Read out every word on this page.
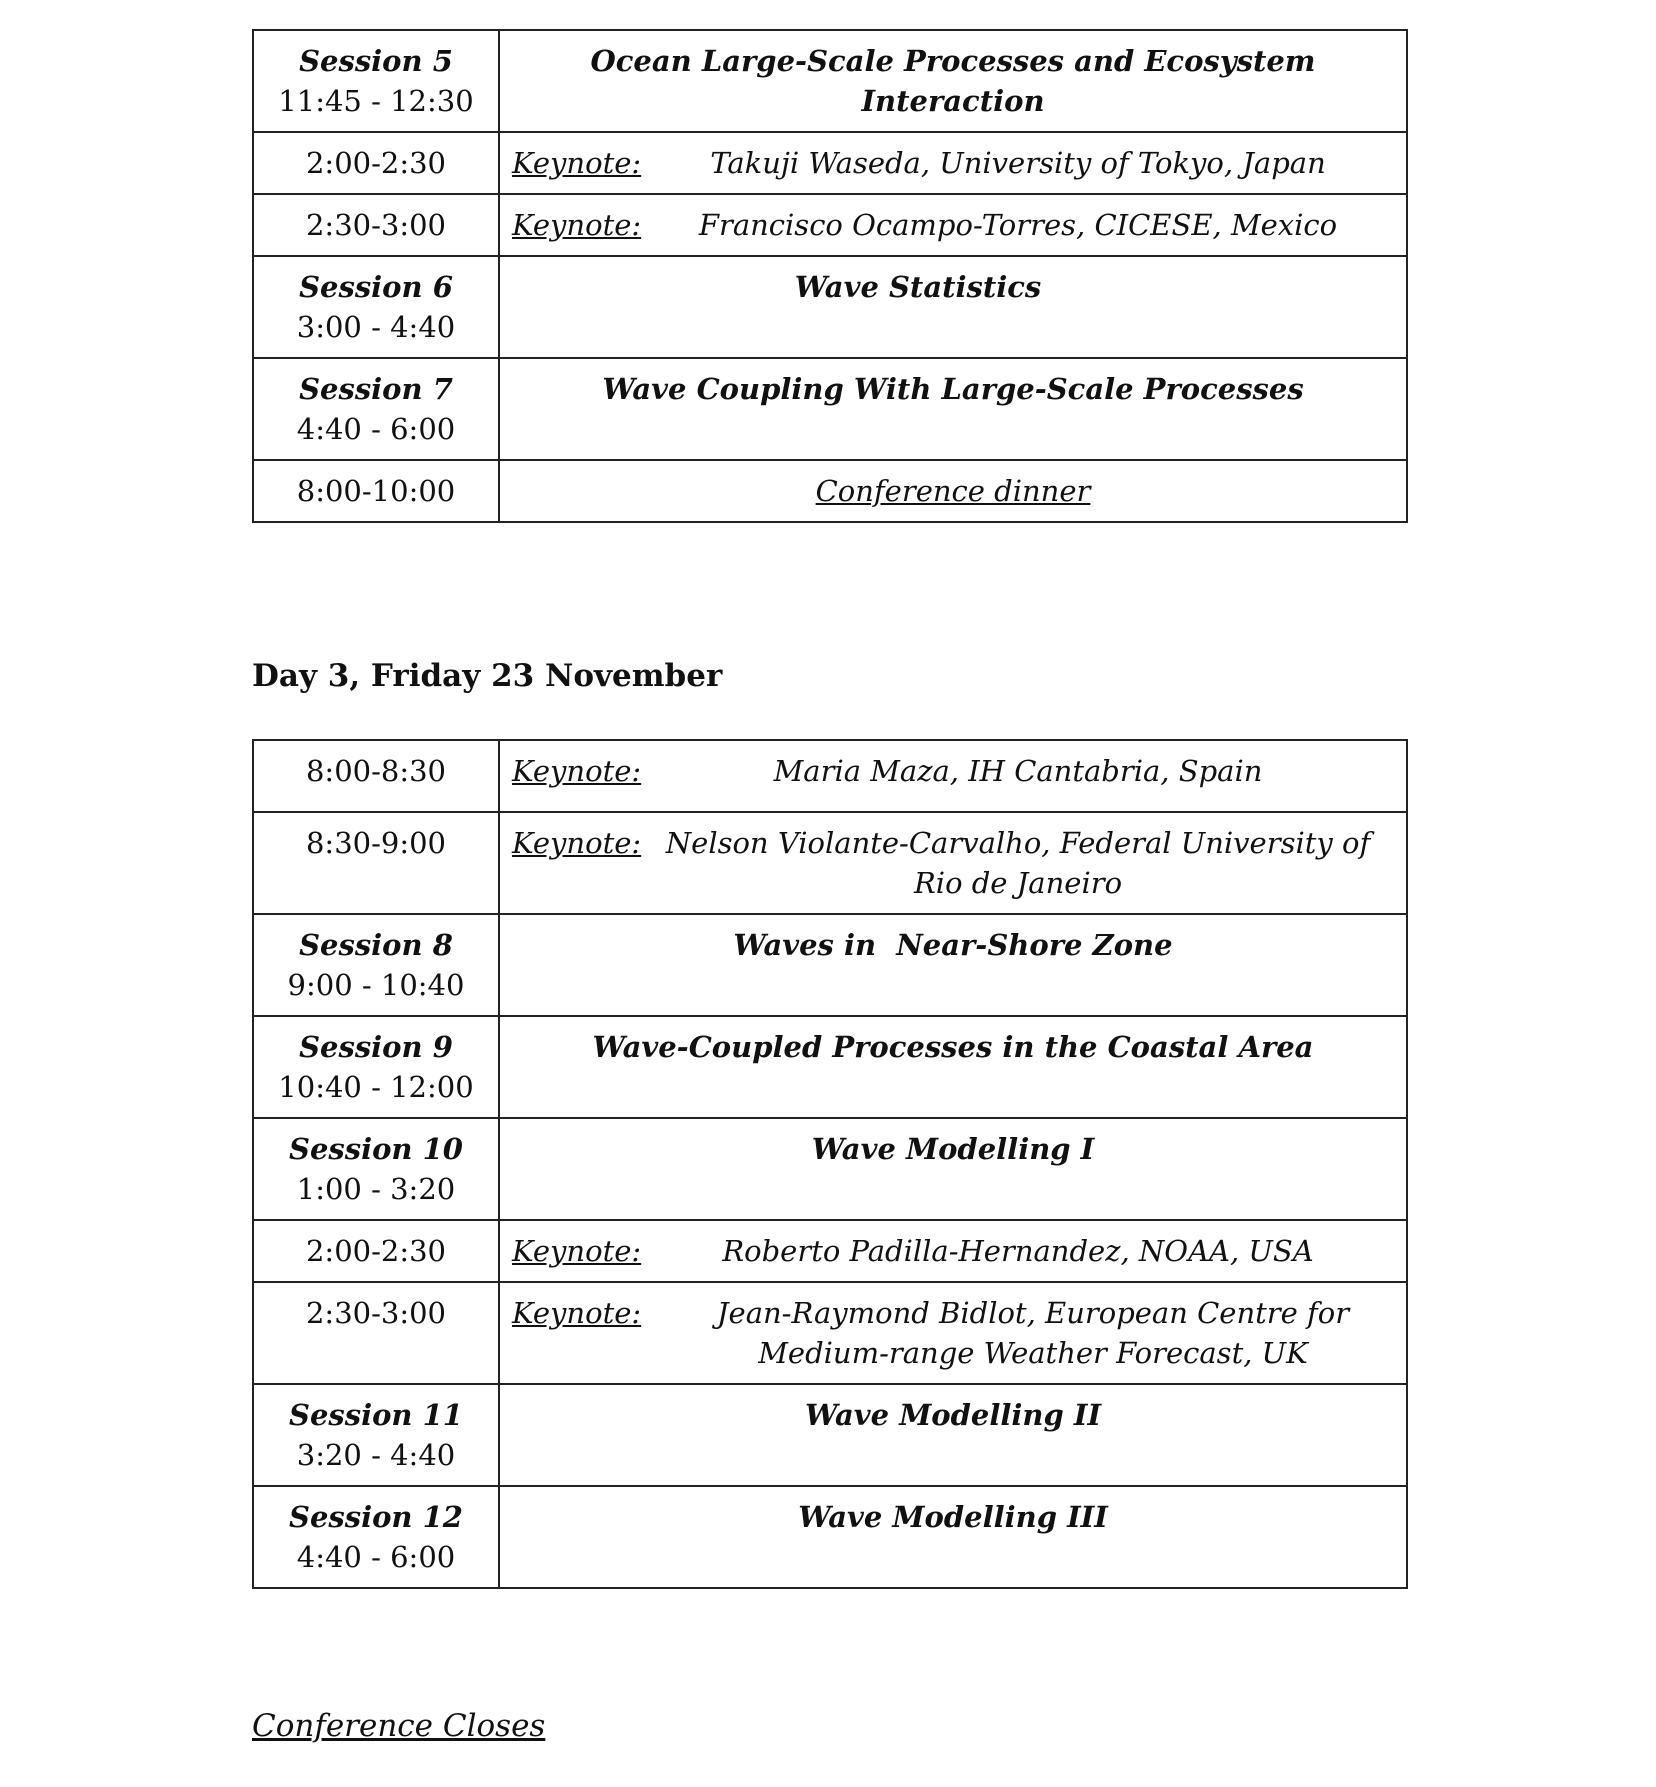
Session 5
11:45 - 12:30	Ocean Large-Scale Processes and Ecosystem Interaction

2:00-2:30	Keynote: Takuji Waseda, University of Tokyo, Japan

2:30-3:00	Keynote: Francisco Ocampo-Torres, CICESE, Mexico

Session 6
3:00 - 4:40	Wave Statistics

Session 7
4:40 - 6:00	Wave Coupling With Large-Scale Processes

8:00-10:00	Conference dinner
Day 3, Friday 23 November
8:00-8:30	Keynote: Maria Maza, IH Cantabria, Spain

8:30-9:00	Keynote: Nelson Violante-Carvalho, Federal University of Rio de Janeiro

Session 8
9:00 - 10:40	Waves in  Near-Shore Zone

Session 9
10:40 - 12:00	Wave-Coupled Processes in the Coastal Area

Session 10
1:00 - 3:20	Wave Modelling I

2:00-2:30	Keynote: Roberto Padilla-Hernandez, NOAA, USA

2:30-3:00	Keynote: Jean-Raymond Bidlot, European Centre for Medium-range Weather Forecast, UK

Session 11
3:20 - 4:40	Wave Modelling II

Session 12
4:40 - 6:00	Wave Modelling III
Conference Closes
